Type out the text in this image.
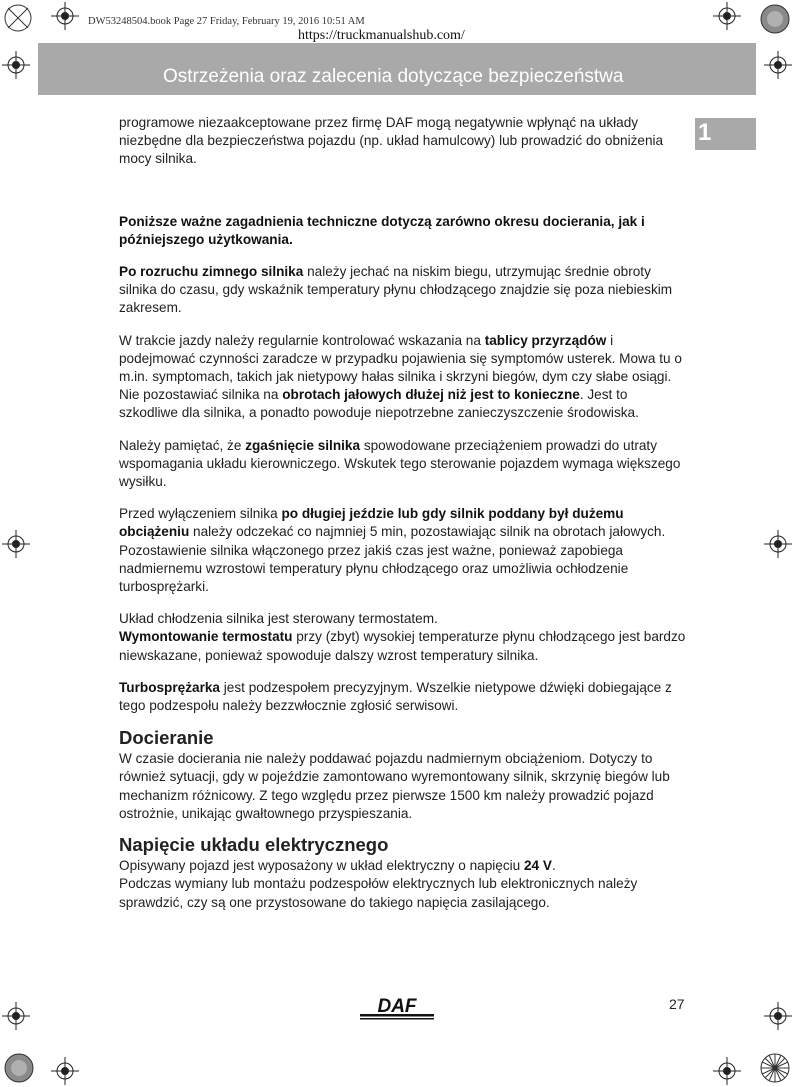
DW53248504.book Page 27 Friday, February 19, 2016 10:51 AM
https://truckmanualshub.com/
Ostrzeżenia oraz zalecenia dotyczące bezpieczeństwa
1

programowe niezaakceptowane przez firmę DAF mogą negatywnie wpłynąć na układy niezbędne dla bezpieczeństwa pojazdu (np. układ hamulcowy) lub prowadzić do obniżenia mocy silnika.

Poniższe ważne zagadnienia techniczne dotyczą zarówno okresu docierania, jak i późniejszego użytkowania.

Po rozruchu zimnego silnika należy jechać na niskim biegu, utrzymując średnie obroty silnika do czasu, gdy wskaźnik temperatury płynu chłodzącego znajdzie się poza niebieskim zakresem.

W trakcie jazdy należy regularnie kontrolować wskazania na tablicy przyrządów i podejmować czynności zaradcze w przypadku pojawienia się symptomów usterek. Mowa tu o m.in. symptomach, takich jak nietypowy hałas silnika i skrzyni biegów, dym czy słabe osiągi.
Nie pozostawiać silnika na obrotach jałowych dłużej niż jest to konieczne. Jest to szkodliwe dla silnika, a ponadto powoduje niepotrzebne zanieczyszczenie środowiska.

Należy pamiętać, że zgaśnięcie silnika spowodowane przeciążeniem prowadzi do utraty wspomagania układu kierowniczego. Wskutek tego sterowanie pojazdem wymaga większego wysiłku.

Przed wyłączeniem silnika po długiej jeździe lub gdy silnik poddany był dużemu obciążeniu należy odczekać co najmniej 5 min, pozostawiając silnik na obrotach jałowych. Pozostawienie silnika włączonego przez jakiś czas jest ważne, ponieważ zapobiega nadmiernemu wzrostowi temperatury płynu chłodzącego oraz umożliwia ochłodzenie turbosprężarki.

Układ chłodzenia silnika jest sterowany termostatem.
Wymontowanie termostatu przy (zbyt) wysokiej temperaturze płynu chłodzącego jest bardzo niewskazane, ponieważ spowoduje dalszy wzrost temperatury silnika.

Turbosprężarka jest podzespołem precyzyjnym. Wszelkie nietypowe dźwięki dobiegające z tego podzespołu należy bezzwłocznie zgłosić serwisowi.

Docieranie

W czasie docierania nie należy poddawać pojazdu nadmiernym obciążeniom. Dotyczy to również sytuacji, gdy w pojeździe zamontowano wyremontowany silnik, skrzynię biegów lub mechanizm różnicowy. Z tego względu przez pierwsze 1500 km należy prowadzić pojazd ostrożnie, unikając gwałtownego przyspieszania.

Napięcie układu elektrycznego

Opisywany pojazd jest wyposażony w układ elektryczny o napięciu 24 V.
Podczas wymiany lub montażu podzespołów elektrycznych lub elektronicznych należy sprawdzić, czy są one przystosowane do takiego napięcia zasilającego.

DAF	27
